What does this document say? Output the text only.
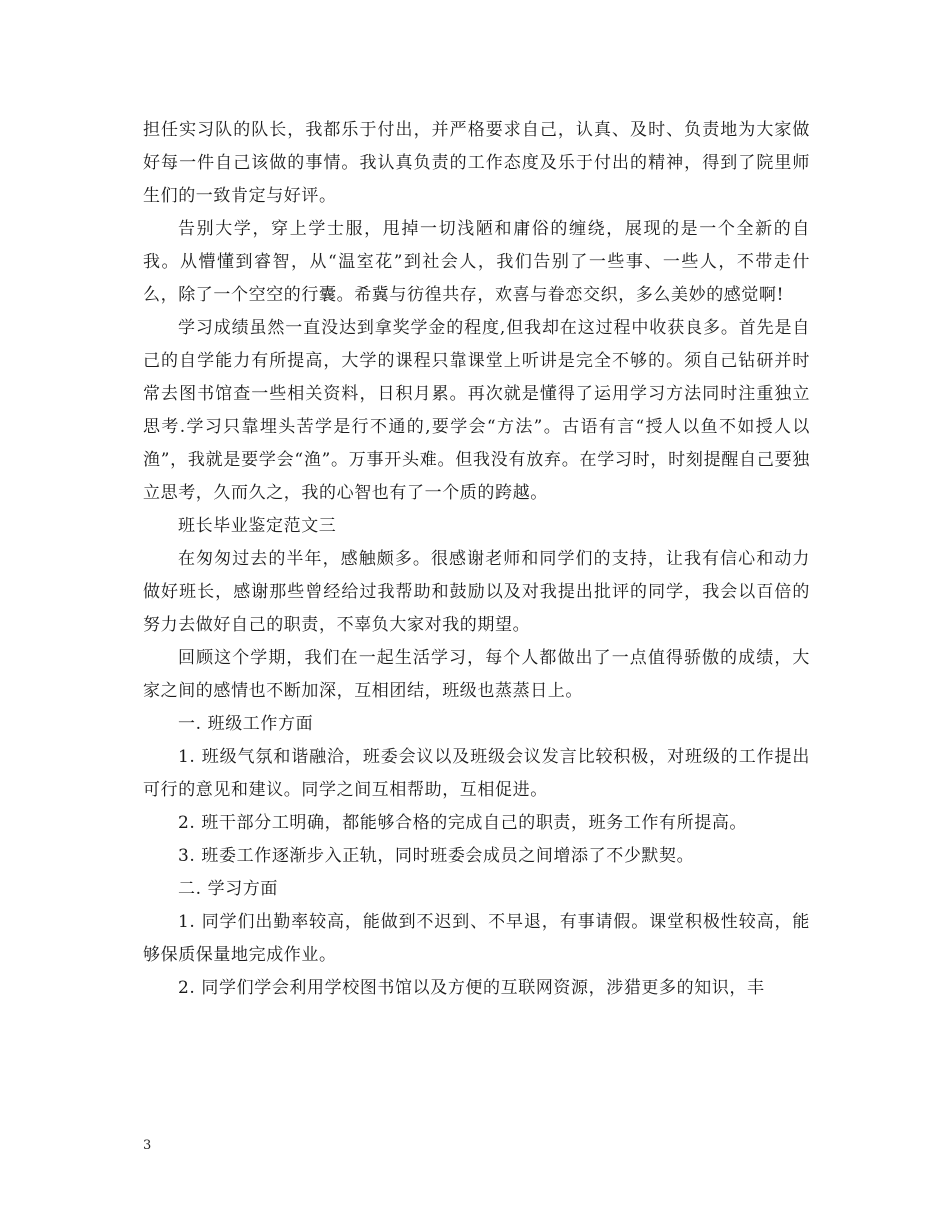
担任实习队的队长，我都乐于付出，并严格要求自己，认真、及时、负责地为大家做好每一件自己该做的事情。我认真负责的工作态度及乐于付出的精神，得到了院里师生们的一致肯定与好评。

告别大学，穿上学士服，甩掉一切浅陋和庸俗的缠绕，展现的是一个全新的自我。从懵懂到睿智，从“温室花”到社会人，我们告别了一些事、一些人，不带走什么，除了一个空空的行囊。希冀与彷徨共存，欢喜与眷恋交织，多么美妙的感觉啊!

学习成绩虽然一直没达到拿奖学金的程度,但我却在这过程中收获良多。首先是自己的自学能力有所提高，大学的课程只靠课堂上听讲是完全不够的。须自己钻研并时常去图书馆查一些相关资料，日积月累。再次就是懂得了运用学习方法同时注重独立思考.学习只靠埋头苦学是行不通的,要学会“方法”。古语有言“授人以鱼不如授人以渔”，我就是要学会“渔”。万事开头难。但我没有放弃。在学习时，时刻提醒自己要独立思考，久而久之，我的心智也有了一个质的跨越。

班长毕业鉴定范文三

在匆匆过去的半年，感触颇多。很感谢老师和同学们的支持，让我有信心和动力做好班长，感谢那些曾经给过我帮助和鼓励以及对我提出批评的同学，我会以百倍的努力去做好自己的职责，不辜负大家对我的期望。

回顾这个学期，我们在一起生活学习，每个人都做出了一点值得骄傲的成绩，大家之间的感情也不断加深，互相团结，班级也蒸蒸日上。

一. 班级工作方面

1. 班级气氛和谐融洽，班委会议以及班级会议发言比较积极，对班级的工作提出可行的意见和建议。同学之间互相帮助，互相促进。

2. 班干部分工明确，都能够合格的完成自己的职责，班务工作有所提高。

3. 班委工作逐渐步入正轨，同时班委会成员之间增添了不少默契。

二. 学习方面

1. 同学们出勤率较高，能做到不迟到、不早退，有事请假。课堂积极性较高，能够保质保量地完成作业。

2. 同学们学会利用学校图书馆以及方便的互联网资源，涉猎更多的知识，丰

3
